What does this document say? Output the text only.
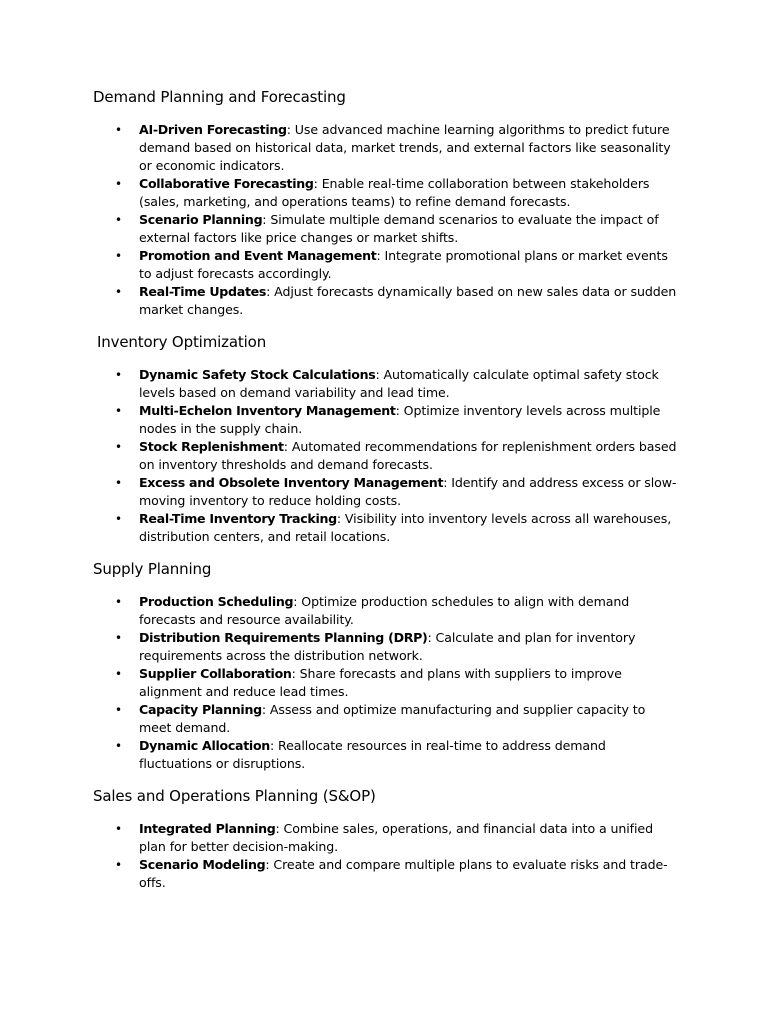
Demand Planning and Forecasting
• AI-Driven Forecasting: Use advanced machine learning algorithms to predict future demand based on historical data, market trends, and external factors like seasonality or economic indicators.
• Collaborative Forecasting: Enable real-time collaboration between stakeholders (sales, marketing, and operations teams) to refine demand forecasts.
• Scenario Planning: Simulate multiple demand scenarios to evaluate the impact of external factors like price changes or market shifts.
• Promotion and Event Management: Integrate promotional plans or market events to adjust forecasts accordingly.
• Real-Time Updates: Adjust forecasts dynamically based on new sales data or sudden market changes.
Inventory Optimization
• Dynamic Safety Stock Calculations: Automatically calculate optimal safety stock levels based on demand variability and lead time.
• Multi-Echelon Inventory Management: Optimize inventory levels across multiple nodes in the supply chain.
• Stock Replenishment: Automated recommendations for replenishment orders based on inventory thresholds and demand forecasts.
• Excess and Obsolete Inventory Management: Identify and address excess or slow-moving inventory to reduce holding costs.
• Real-Time Inventory Tracking: Visibility into inventory levels across all warehouses, distribution centers, and retail locations.
Supply Planning
• Production Scheduling: Optimize production schedules to align with demand forecasts and resource availability.
• Distribution Requirements Planning (DRP): Calculate and plan for inventory requirements across the distribution network.
• Supplier Collaboration: Share forecasts and plans with suppliers to improve alignment and reduce lead times.
• Capacity Planning: Assess and optimize manufacturing and supplier capacity to meet demand.
• Dynamic Allocation: Reallocate resources in real-time to address demand fluctuations or disruptions.
Sales and Operations Planning (S&OP)
• Integrated Planning: Combine sales, operations, and financial data into a unified plan for better decision-making.
• Scenario Modeling: Create and compare multiple plans to evaluate risks and trade-offs.
